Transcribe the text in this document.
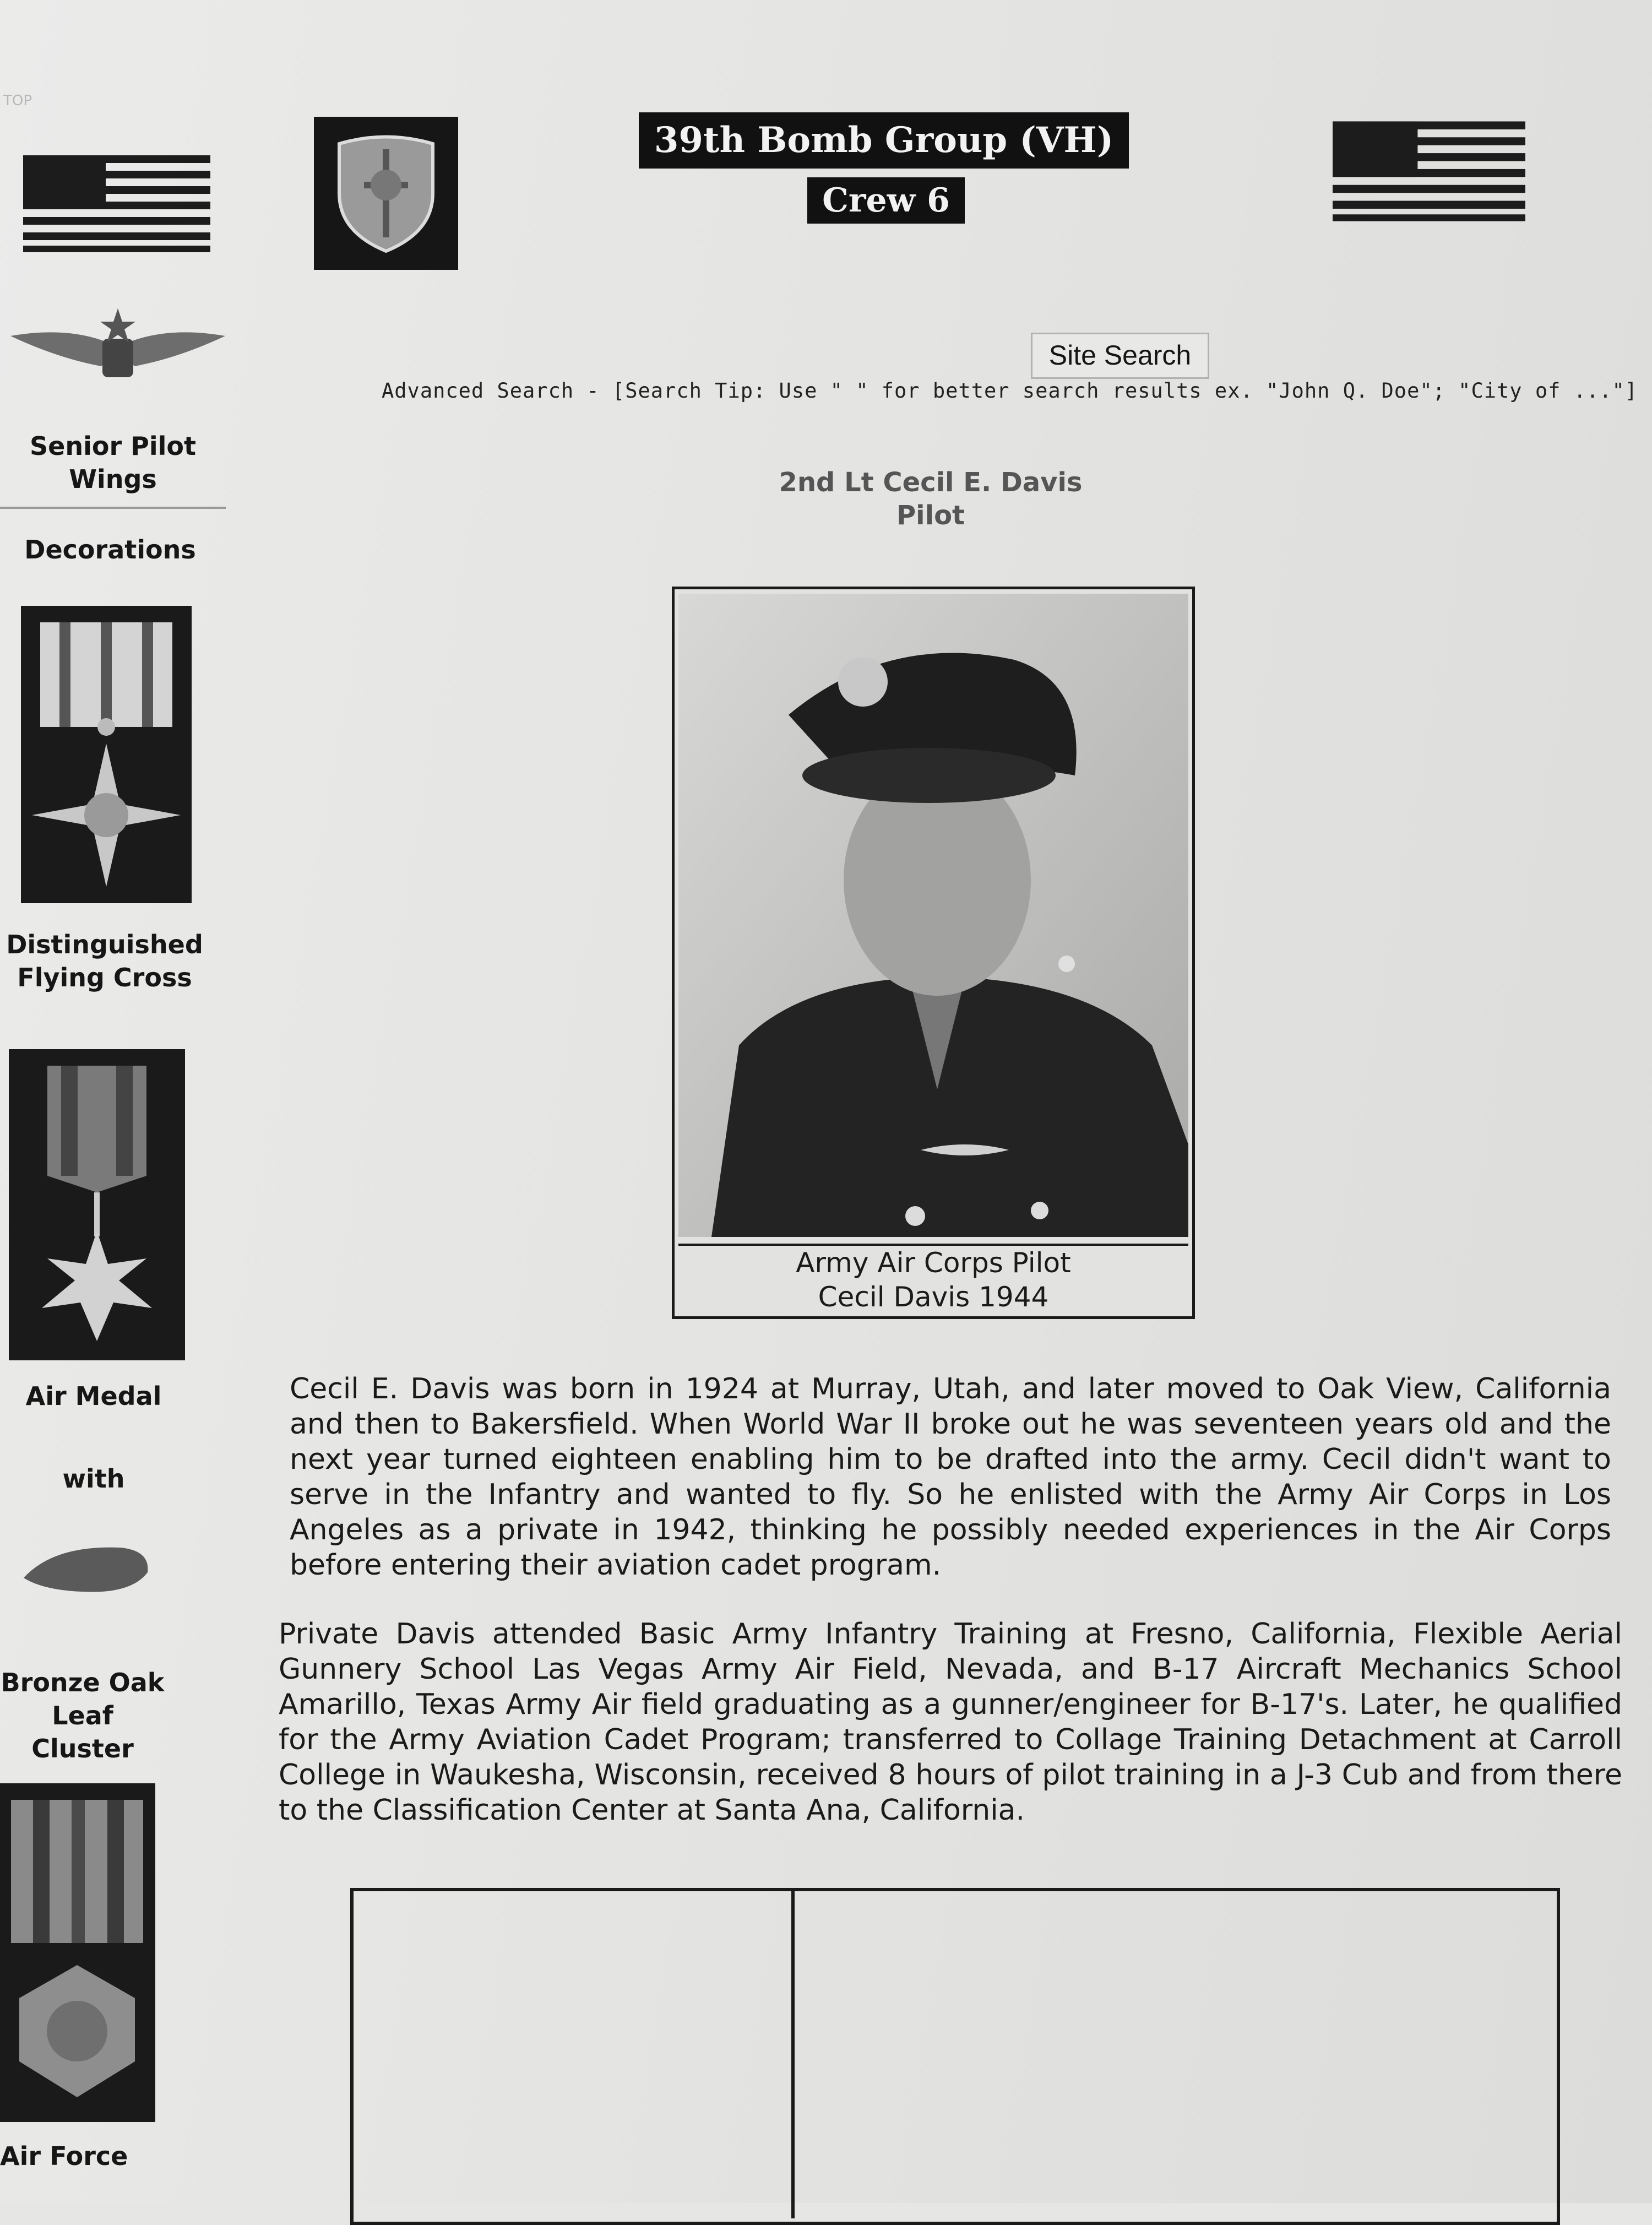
TOP
39th Bomb Group (VH)
Crew 6
Site Search
Advanced Search - [Search Tip: Use " " for better search results ex. "John Q. Doe"; "City of ..."]
Senior Pilot
Wings
Decorations
Distinguished
Flying Cross
Air Medal
with
Bronze Oak
Leaf Cluster
Air Force
2nd Lt Cecil E. Davis
Pilot
Army Air Corps Pilot
Cecil Davis 1944
Cecil E. Davis was born in 1924 at Murray, Utah, and later moved to Oak View, California and then to Bakersfield. When World War II broke out he was seventeen years old and the next year turned eighteen enabling him to be drafted into the army. Cecil didn't want to serve in the Infantry and wanted to fly. So he enlisted with the Army Air Corps in Los Angeles as a private in 1942, thinking he possibly needed experiences in the Air Corps before entering their aviation cadet program.
Private Davis attended Basic Army Infantry Training at Fresno, California, Flexible Aerial Gunnery School Las Vegas Army Air Field, Nevada, and B-17 Aircraft Mechanics School Amarillo, Texas Army Air field graduating as a gunner/engineer for B-17's. Later, he qualified for the Army Aviation Cadet Program; transferred to Collage Training Detachment at Carroll College in Waukesha, Wisconsin, received 8 hours of pilot training in a J-3 Cub and from there to the Classification Center at Santa Ana, California.
